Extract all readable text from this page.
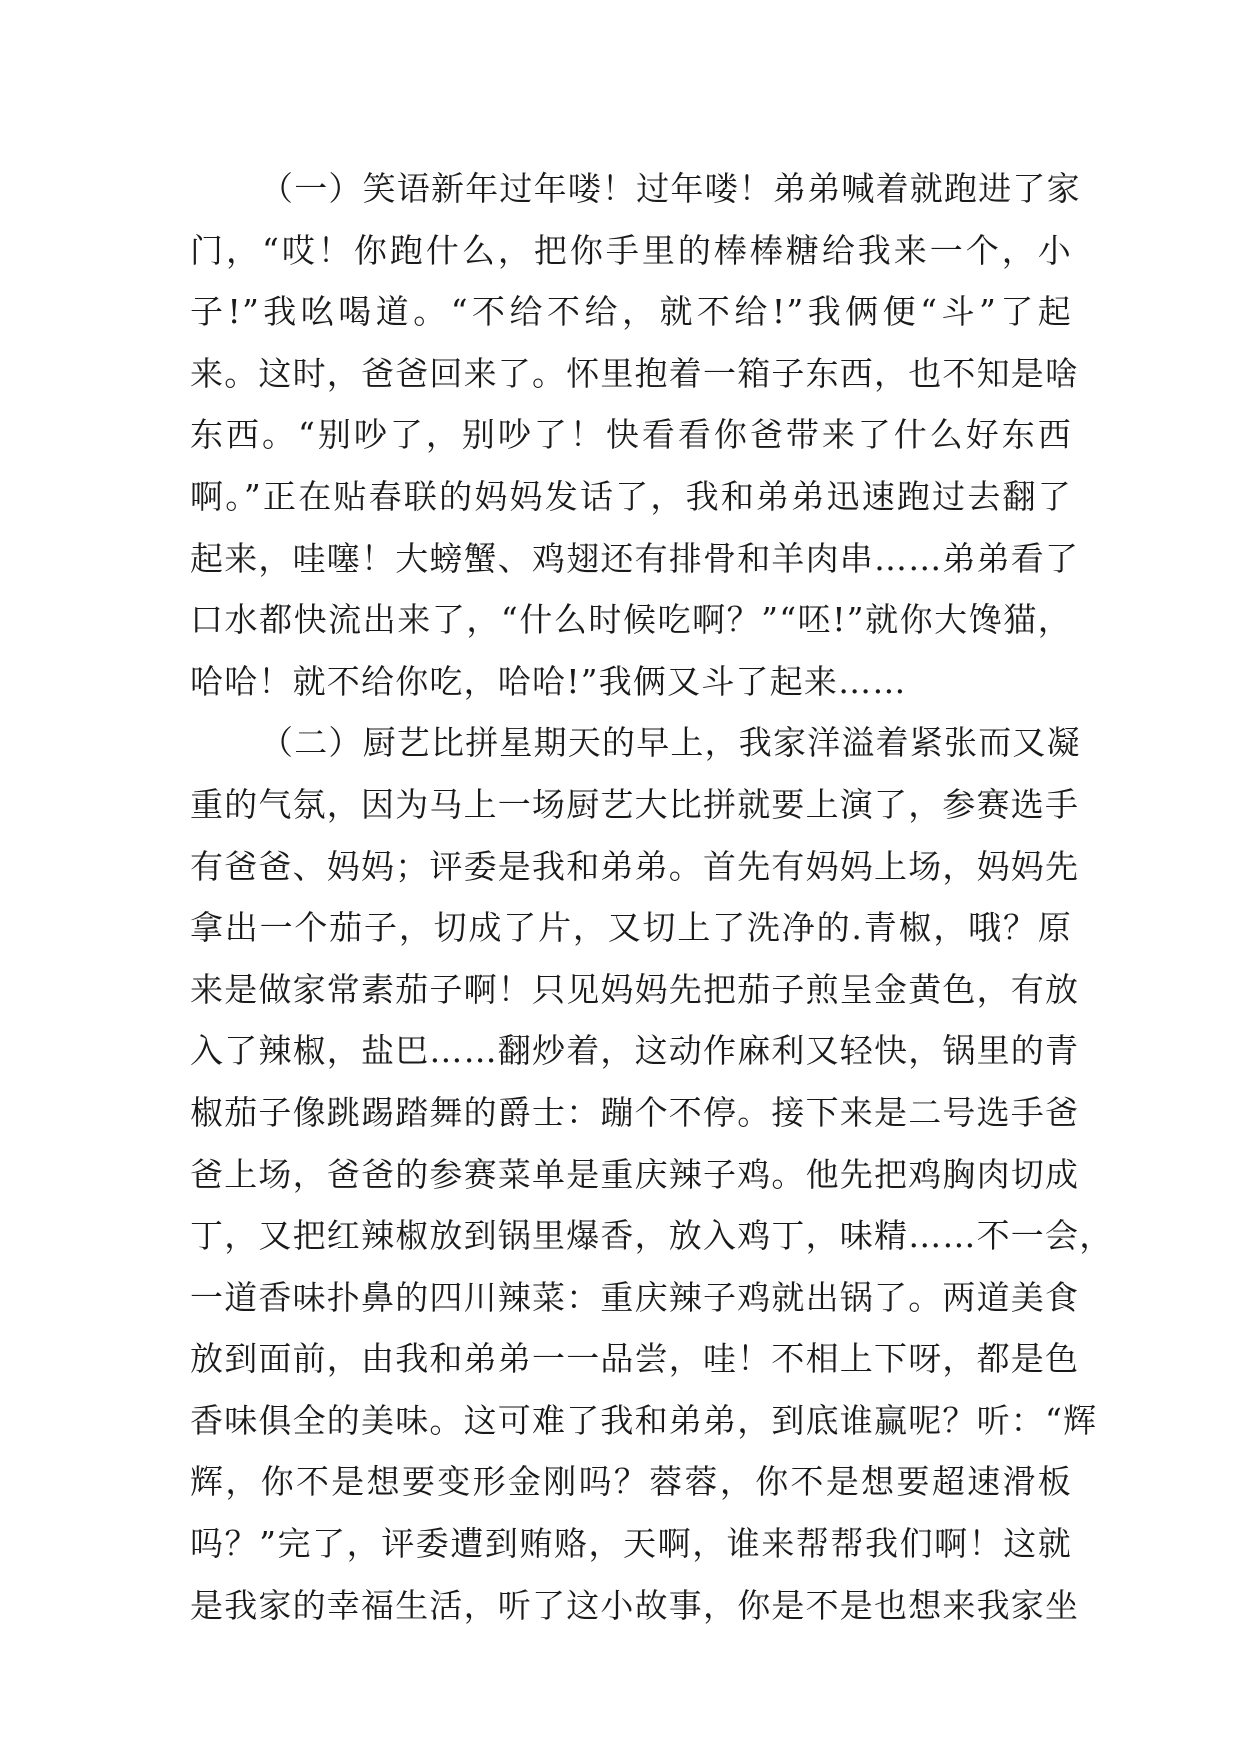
（一）笑语新年过年喽！过年喽！弟弟喊着就跑进了家
门，“哎！你跑什么，把你手里的棒棒糖给我来一个，小
子!”我吆喝道。“不给不给，就不给!”我俩便“斗”了起
来。这时，爸爸回来了。怀里抱着一箱子东西，也不知是啥
东西。“别吵了，别吵了！快看看你爸带来了什么好东西
啊。”正在贴春联的妈妈发话了，我和弟弟迅速跑过去翻了
起来，哇噻！大螃蟹、鸡翅还有排骨和羊肉串……弟弟看了
口水都快流出来了，“什么时候吃啊？”“呸!”就你大馋猫，
哈哈！就不给你吃，哈哈!”我俩又斗了起来……

（二）厨艺比拼星期天的早上，我家洋溢着紧张而又凝
重的气氛，因为马上一场厨艺大比拼就要上演了，参赛选手
有爸爸、妈妈；评委是我和弟弟。首先有妈妈上场，妈妈先
拿出一个茄子，切成了片，又切上了洗净的.青椒，哦？原
来是做家常素茄子啊！只见妈妈先把茄子煎呈金黄色，有放
入了辣椒，盐巴……翻炒着，这动作麻利又轻快，锅里的青
椒茄子像跳踢踏舞的爵士：蹦个不停。接下来是二号选手爸
爸上场，爸爸的参赛菜单是重庆辣子鸡。他先把鸡胸肉切成
丁，又把红辣椒放到锅里爆香，放入鸡丁，味精……不一会，
一道香味扑鼻的四川辣菜：重庆辣子鸡就出锅了。两道美食
放到面前，由我和弟弟一一品尝，哇！不相上下呀，都是色
香味俱全的美味。这可难了我和弟弟，到底谁赢呢？听：“辉
辉，你不是想要变形金刚吗？蓉蓉，你不是想要超速滑板
吗？”完了，评委遭到贿赂，天啊，谁来帮帮我们啊！这就
是我家的幸福生活，听了这小故事，你是不是也想来我家坐
